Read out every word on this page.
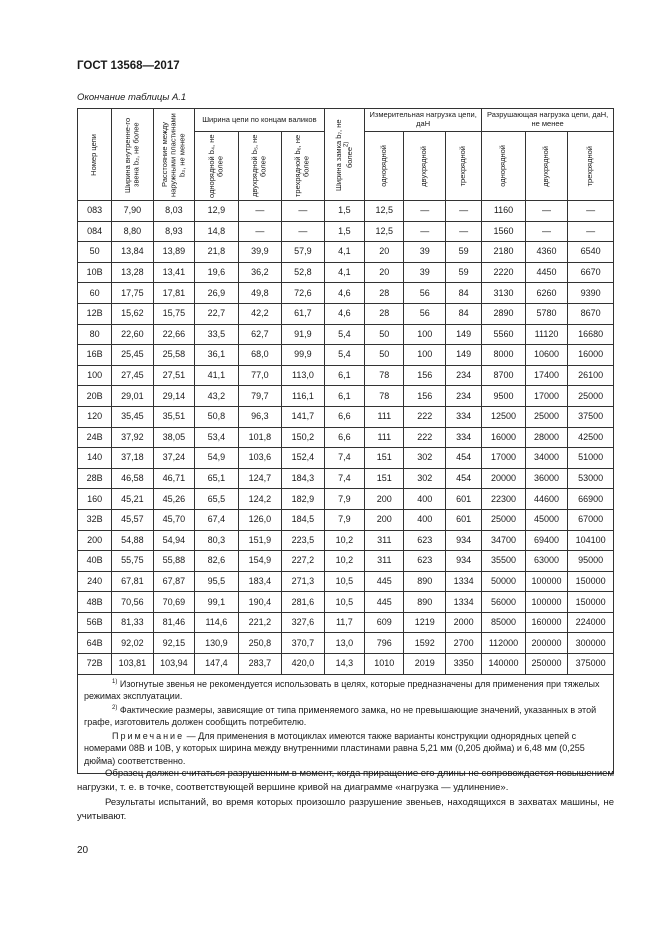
ГОСТ 13568—2017
Окончание таблицы А.1
Номер цепи	Ширина внутренне-го звена b₂, не более	Расстояние между наружными пластинами b₃, не менее	Ширина цепи по концам валиков			Ширина замка b₇, не более$^{2)}$	Измерительная нагрузка цепи, даН			Разрушающая нагрузка цепи, даН, не менее		

			однорядной b₄, не более	двухрядной b₅, не более	трехрядной b₆, не более		однорядной	двухрядной	трехрядной	однорядной	двухрядной	трехрядной

083	7,90	8,03	12,9	—	—	1,5	12,5	—	—	1160	—	—
084	8,80	8,93	14,8	—	—	1,5	12,5	—	—	1560	—	—
50	13,84	13,89	21,8	39,9	57,9	4,1	20	39	59	2180	4360	6540
10В	13,28	13,41	19,6	36,2	52,8	4,1	20	39	59	2220	4450	6670
60	17,75	17,81	26,9	49,8	72,6	4,6	28	56	84	3130	6260	9390
12В	15,62	15,75	22,7	42,2	61,7	4,6	28	56	84	2890	5780	8670
80	22,60	22,66	33,5	62,7	91,9	5,4	50	100	149	5560	11120	16680
16В	25,45	25,58	36,1	68,0	99,9	5,4	50	100	149	8000	10600	16000
100	27,45	27,51	41,1	77,0	113,0	6,1	78	156	234	8700	17400	26100
20В	29,01	29,14	43,2	79,7	116,1	6,1	78	156	234	9500	17000	25000
120	35,45	35,51	50,8	96,3	141,7	6,6	111	222	334	12500	25000	37500
24В	37,92	38,05	53,4	101,8	150,2	6,6	111	222	334	16000	28000	42500
140	37,18	37,24	54,9	103,6	152,4	7,4	151	302	454	17000	34000	51000
28В	46,58	46,71	65,1	124,7	184,3	7,4	151	302	454	20000	36000	53000
160	45,21	45,26	65,5	124,2	182,9	7,9	200	400	601	22300	44600	66900
32В	45,57	45,70	67,4	126,0	184,5	7,9	200	400	601	25000	45000	67000
200	54,88	54,94	80,3	151,9	223,5	10,2	311	623	934	34700	69400	104100
40В	55,75	55,88	82,6	154,9	227,2	10,2	311	623	934	35500	63000	95000
240	67,81	67,87	95,5	183,4	271,3	10,5	445	890	1334	50000	100000	150000
48В	70,56	70,69	99,1	190,4	281,6	10,5	445	890	1334	56000	100000	150000
56В	81,33	81,46	114,6	221,2	327,6	11,7	609	1219	2000	85000	160000	224000
64В	92,02	92,15	130,9	250,8	370,7	13,0	796	1592	2700	112000	200000	300000
72В	103,81	103,94	147,4	283,7	420,0	14,3	1010	2019	3350	140000	250000	375000

$^{1)}$ Изогнутые звенья не рекомендуется использовать в целях, которые предназначены для применения при тяжелых режимах эксплуатации.

$^{2)}$ Фактические размеры, зависящие от типа применяемого замка, но не превышающие значений, указанных в этой графе, изготовитель должен сообщить потребителю.

Примечание — Для применения в мотоциклах имеются также варианты конструкции однорядных цепей с номерами 08В и 10В, у которых ширина между внутренними пластинами равна 5,21 мм (0,205 дюйма) и 6,48 мм (0,255 дюйма) соответственно.												

Образец должен считаться разрушенным в момент, когда приращение его длины не сопровождается повышением нагрузки, т. е. в точке, соответствующей вершине кривой на диаграмме «нагрузка — удлинение».

Результаты испытаний, во время которых произошло разрушение звеньев, находящихся в захватах машины, не учитывают.

20
